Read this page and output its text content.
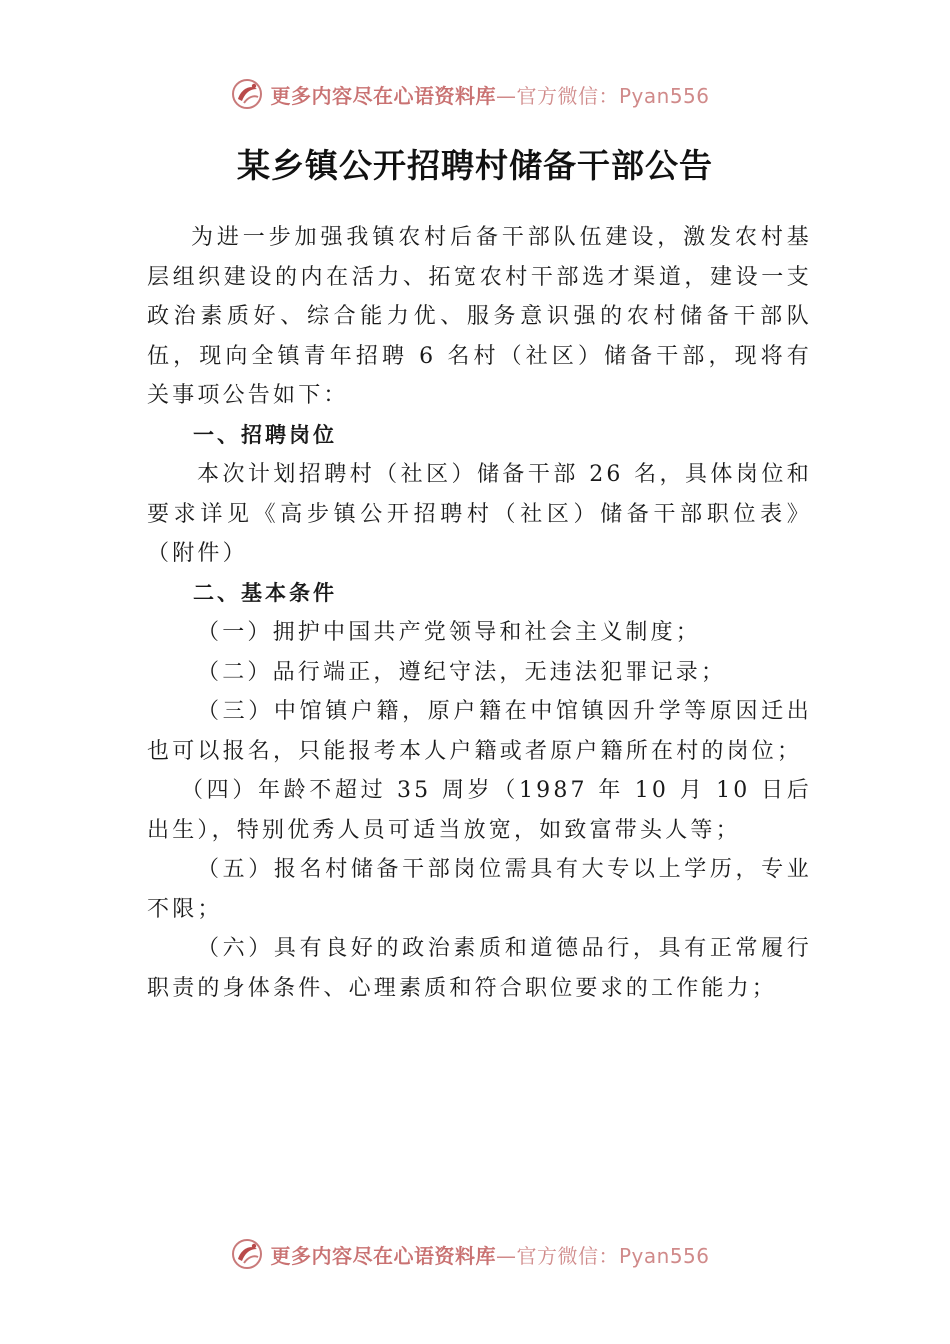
更多内容尽在心语资料库—官方微信：Pyan556
某乡镇公开招聘村储备干部公告

为进一步加强我镇农村后备干部队伍建设，激发农村基层组织建设的内在活力、拓宽农村干部选才渠道，建设一支政治素质好、综合能力优、服务意识强的农村储备干部队伍，现向全镇青年招聘 6 名村（社区）储备干部，现将有关事项公告如下：

一、招聘岗位

本次计划招聘村（社区）储备干部 26 名，具体岗位和要求详见《高步镇公开招聘村（社区）储备干部职位表》（附件）

二、基本条件

（一）拥护中国共产党领导和社会主义制度；

（二）品行端正，遵纪守法，无违法犯罪记录；

（三）中馆镇户籍，原户籍在中馆镇因升学等原因迁出也可以报名，只能报考本人户籍或者原户籍所在村的岗位；

（四）年龄不超过 35 周岁（1987 年 10 月 10 日后出生），特别优秀人员可适当放宽，如致富带头人等；

（五）报名村储备干部岗位需具有大专以上学历，专业不限；

（六）具有良好的政治素质和道德品行，具有正常履行职责的身体条件、心理素质和符合职位要求的工作能力；

更多内容尽在心语资料库—官方微信：Pyan556
